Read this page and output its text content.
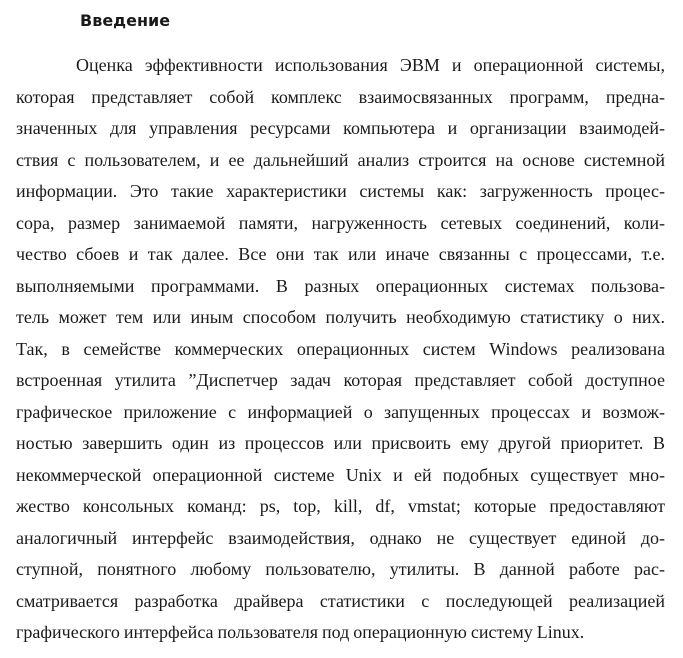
Введение
Оценка эффективности использования ЭВМ и операционной системы,
которая представляет собой комплекс взаимосвязанных программ, предна-
значенных для управления ресурсами компьютера и организации взаимодей-
ствия с пользователем, и ее дальнейший анализ строится на основе системной
информации. Это такие характеристики системы как: загруженность процес-
сора, размер занимаемой памяти, нагруженность сетевых соединений, коли-
чество сбоев и так далее. Все они так или иначе связанны с процессами, т.е.
выполняемыми программами. В разных операционных системах пользова-
тель может тем или иным способом получить необходимую статистику о них.
Так, в семействе коммерческих операционных систем Windows реализована
встроенная утилита ”Диспетчер задач которая представляет собой доступное
графическое приложение с информацией о запущенных процессах и возмож-
ностью завершить один из процессов или присвоить ему другой приоритет. В
некоммерческой операционной системе Unix и ей подобных существует мно-
жество консольных команд: ps, top, kill, df, vmstat; которые предоставляют
аналогичный интерфейс взаимодействия, однако не существует единой до-
ступной, понятного любому пользователю, утилиты. В данной работе рас-
сматривается разработка драйвера статистики с последующей реализацией
графического интерфейса пользователя под операционную систему Linux.
